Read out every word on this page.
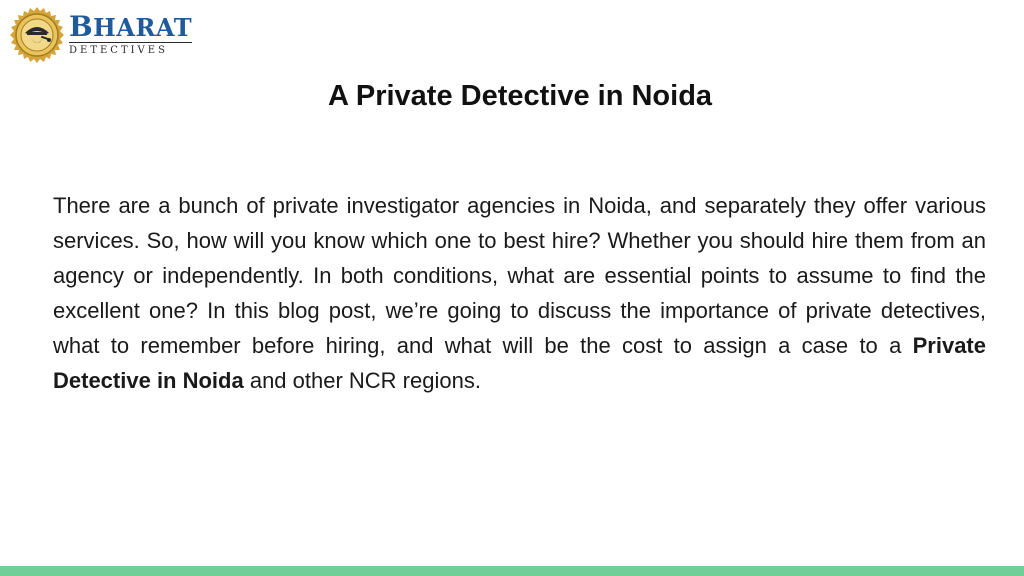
BHARAT
DETECTIVES
A Private Detective in Noida

There are a bunch of private investigator agencies in Noida, and separately they offer various services. So, how will you know which one to best hire? Whether you should hire them from an agency or independently. In both conditions, what are essential points to assume to find the excellent one? In this blog post, we’re going to discuss the importance of private detectives, what to remember before hiring, and what will be the cost to assign a case to a Private Detective in Noida and other NCR regions.
